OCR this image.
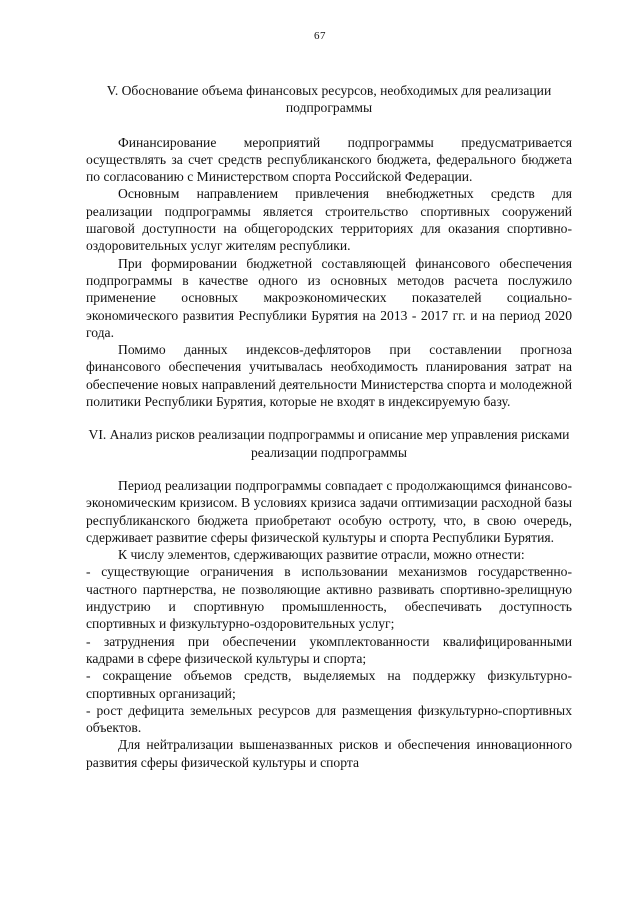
67
V. Обоснование объема финансовых ресурсов, необходимых для реализации подпрограммы

Финансирование мероприятий подпрограммы предусматривается осуществлять за счет средств республиканского бюджета, федерального бюджета по согласованию с Министерством спорта Российской Федерации.

Основным направлением привлечения внебюджетных средств для реализации подпрограммы является строительство спортивных сооружений шаговой доступности на общегородских территориях для оказания спортивно-оздоровительных услуг жителям республики.

При формировании бюджетной составляющей финансового обеспечения подпрограммы в качестве одного из основных методов расчета послужило применение основных макроэкономических показателей социально-экономического развития Республики Бурятия на 2013 - 2017 гг. и на период 2020 года.

Помимо данных индексов-дефляторов при составлении прогноза финансового обеспечения учитывалась необходимость планирования затрат на обеспечение новых направлений деятельности Министерства спорта и молодежной политики Республики Бурятия, которые не входят в индексируемую базу.

VI. Анализ рисков реализации подпрограммы и описание мер управления рисками реализации подпрограммы

Период реализации подпрограммы совпадает с продолжающимся финансово-экономическим кризисом. В условиях кризиса задачи оптимизации расходной базы республиканского бюджета приобретают особую остроту, что, в свою очередь, сдерживает развитие сферы физической культуры и спорта Республики Бурятия.

К числу элементов, сдерживающих развитие отрасли, можно отнести:

- существующие ограничения в использовании механизмов государственно-частного партнерства, не позволяющие активно развивать спортивно-зрелищную индустрию и спортивную промышленность, обеспечивать доступность спортивных и физкультурно-оздоровительных услуг;

- затруднения при обеспечении укомплектованности квалифицированными кадрами в сфере физической культуры и спорта;

- сокращение объемов средств, выделяемых на поддержку физкультурно-спортивных организаций;

- рост дефицита земельных ресурсов для размещения физкультурно-спортивных объектов.

Для нейтрализации вышеназванных рисков и обеспечения инновационного развития сферы физической культуры и спорта
